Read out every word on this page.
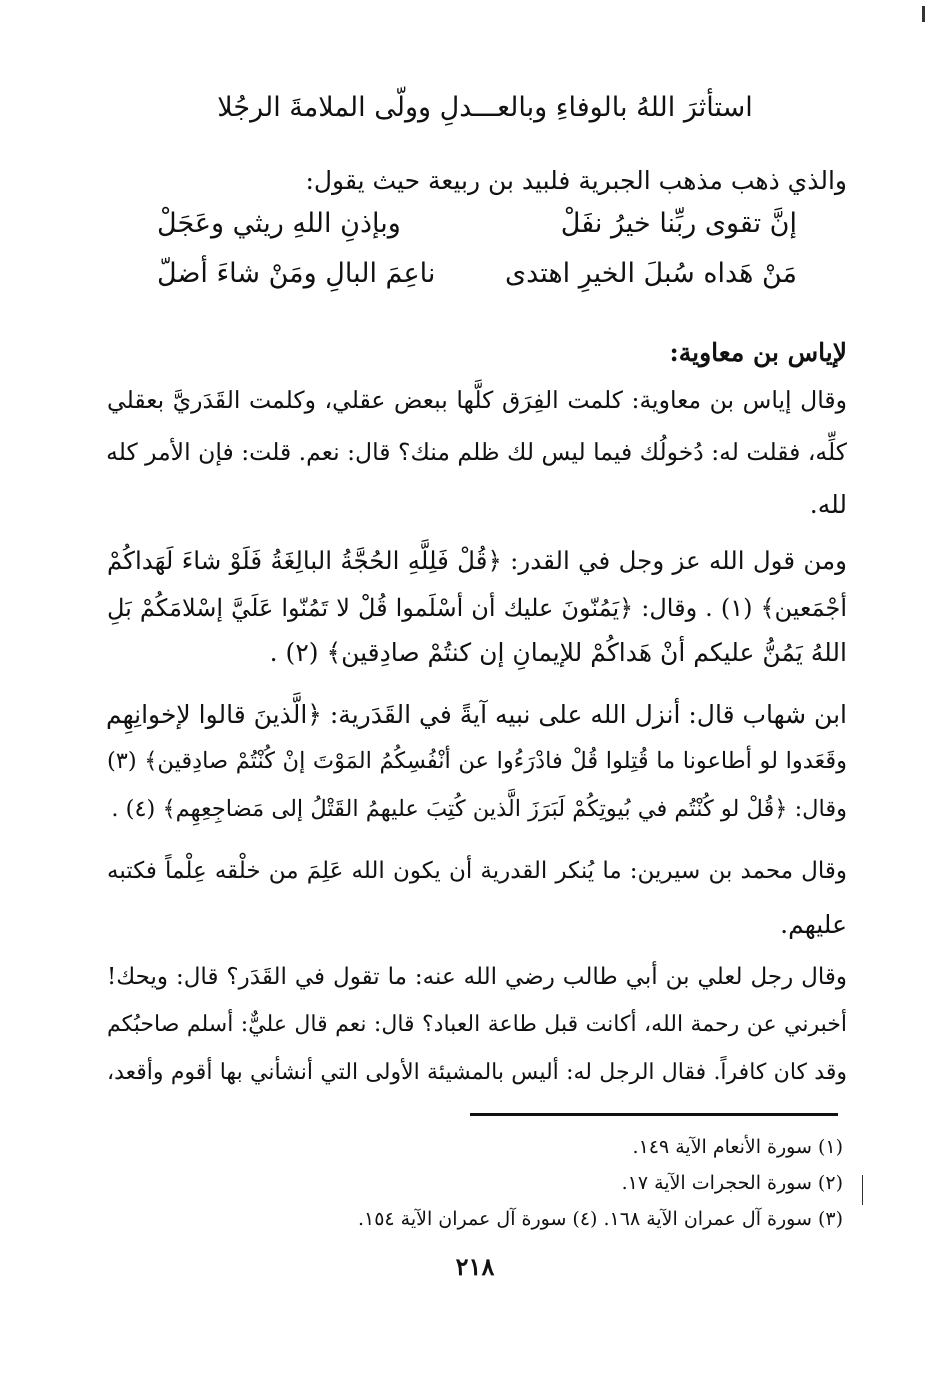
استأثرَ اللهُ بالوفاءِ وبالعـــدلِ وولّى الملامةَ الرجُلا
والذي ذهب مذهب الجبرية فلبيد بن ربيعة حيث يقول:
إنَّ تقوى ربِّنا خيرُ نفَلْ
وبإذنِ اللهِ ريثي وعَجَلْ
مَنْ هَداه سُبلَ الخيرِ اهتدى
ناعِمَ البالِ ومَنْ شاءَ أضلّ
لإياس بن معاوية:
وقال إياس بن معاوية: كلمت الفِرَق كلَّها ببعض عقلي، وكلمت القَدَريَّ بعقلي
كلِّه، فقلت له: دُخولُك فيما ليس لك ظلم منك؟ قال: نعم. قلت: فإن الأمر كله
لله.
ومن قول الله عز وجل في القدر: ﴿قُلْ فَلِلَّهِ الحُجَّةُ البالِغَةُ فَلَوْ شاءَ لَهَداكُمْ
أجْمَعين﴾ (١) . وقال: ﴿يَمُنّونَ عليك أن أسْلَموا قُلْ لا تَمُنّوا عَلَيَّ إسْلامَكُمْ بَلِ
اللهُ يَمُنُّ عليكم أنْ هَداكُمْ للإيمانِ إن كنتُمْ صادِقين﴾ (٢) .
ابن شهاب قال: أنزل الله على نبيه آيةً في القَدَرية: ﴿الَّذينَ قالوا لإخوانِهِم
وقَعَدوا لو أطاعونا ما قُتِلوا قُلْ فادْرَءُوا عن أنْفُسِكُمُ المَوْتَ إنْ كُنْتُمْ صادِقين﴾ (٣)
وقال: ﴿قُلْ لو كُنْتُم في بُيوتِكُمْ لَبَرَزَ الَّذين كُتِبَ عليهمُ القَتْلُ إلى مَضاجِعِهِم﴾ (٤) .
وقال محمد بن سيرين: ما يُنكر القدرية أن يكون الله عَلِمَ من خلْقه عِلْماً فكتبه
عليهم.
وقال رجل لعلي بن أبي طالب رضي الله عنه: ما تقول في القَدَر؟ قال: ويحك!
أخبرني عن رحمة الله، أكانت قبل طاعة العباد؟ قال: نعم قال عليٌّ: أسلم صاحبُكم
وقد كان كافراً. فقال الرجل له: أليس بالمشيئة الأولى التي أنشأني بها أقوم وأقعد،
(١) سورة الأنعام الآية ١٤٩.
(٢) سورة الحجرات الآية ١٧.
(٣) سورة آل عمران الآية ١٦٨. (٤) سورة آل عمران الآية ١٥٤.
٢١٨
